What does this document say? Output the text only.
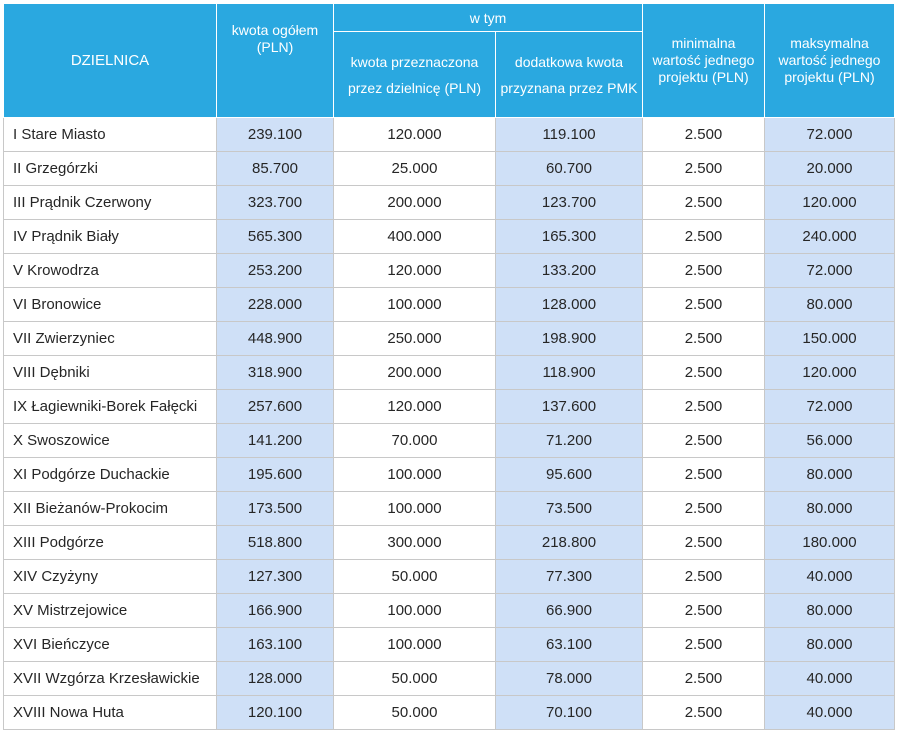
DZIELNICA	kwota ogółem (PLN)	w tym		minimalna wartość jednego projektu (PLN)	maksymalna wartość jednego projektu (PLN)
		kwota przeznaczona przez dzielnicę (PLN)	dodatkowa kwota przyznana przez PMK		
I Stare Miasto	239.100	120.000	119.100	2.500	72.000
II Grzegórzki	85.700	25.000	60.700	2.500	20.000
III Prądnik Czerwony	323.700	200.000	123.700	2.500	120.000
IV Prądnik Biały	565.300	400.000	165.300	2.500	240.000
V Krowodrza	253.200	120.000	133.200	2.500	72.000
VI Bronowice	228.000	100.000	128.000	2.500	80.000
VII Zwierzyniec	448.900	250.000	198.900	2.500	150.000
VIII Dębniki	318.900	200.000	118.900	2.500	120.000
IX Łagiewniki-Borek Fałęcki	257.600	120.000	137.600	2.500	72.000
X Swoszowice	141.200	70.000	71.200	2.500	56.000
XI Podgórze Duchackie	195.600	100.000	95.600	2.500	80.000
XII Bieżanów-Prokocim	173.500	100.000	73.500	2.500	80.000
XIII Podgórze	518.800	300.000	218.800	2.500	180.000
XIV Czyżyny	127.300	50.000	77.300	2.500	40.000
XV Mistrzejowice	166.900	100.000	66.900	2.500	80.000
XVI Bieńczyce	163.100	100.000	63.100	2.500	80.000
XVII Wzgórza Krzesławickie	128.000	50.000	78.000	2.500	40.000
XVIII Nowa Huta	120.100	50.000	70.100	2.500	40.000
